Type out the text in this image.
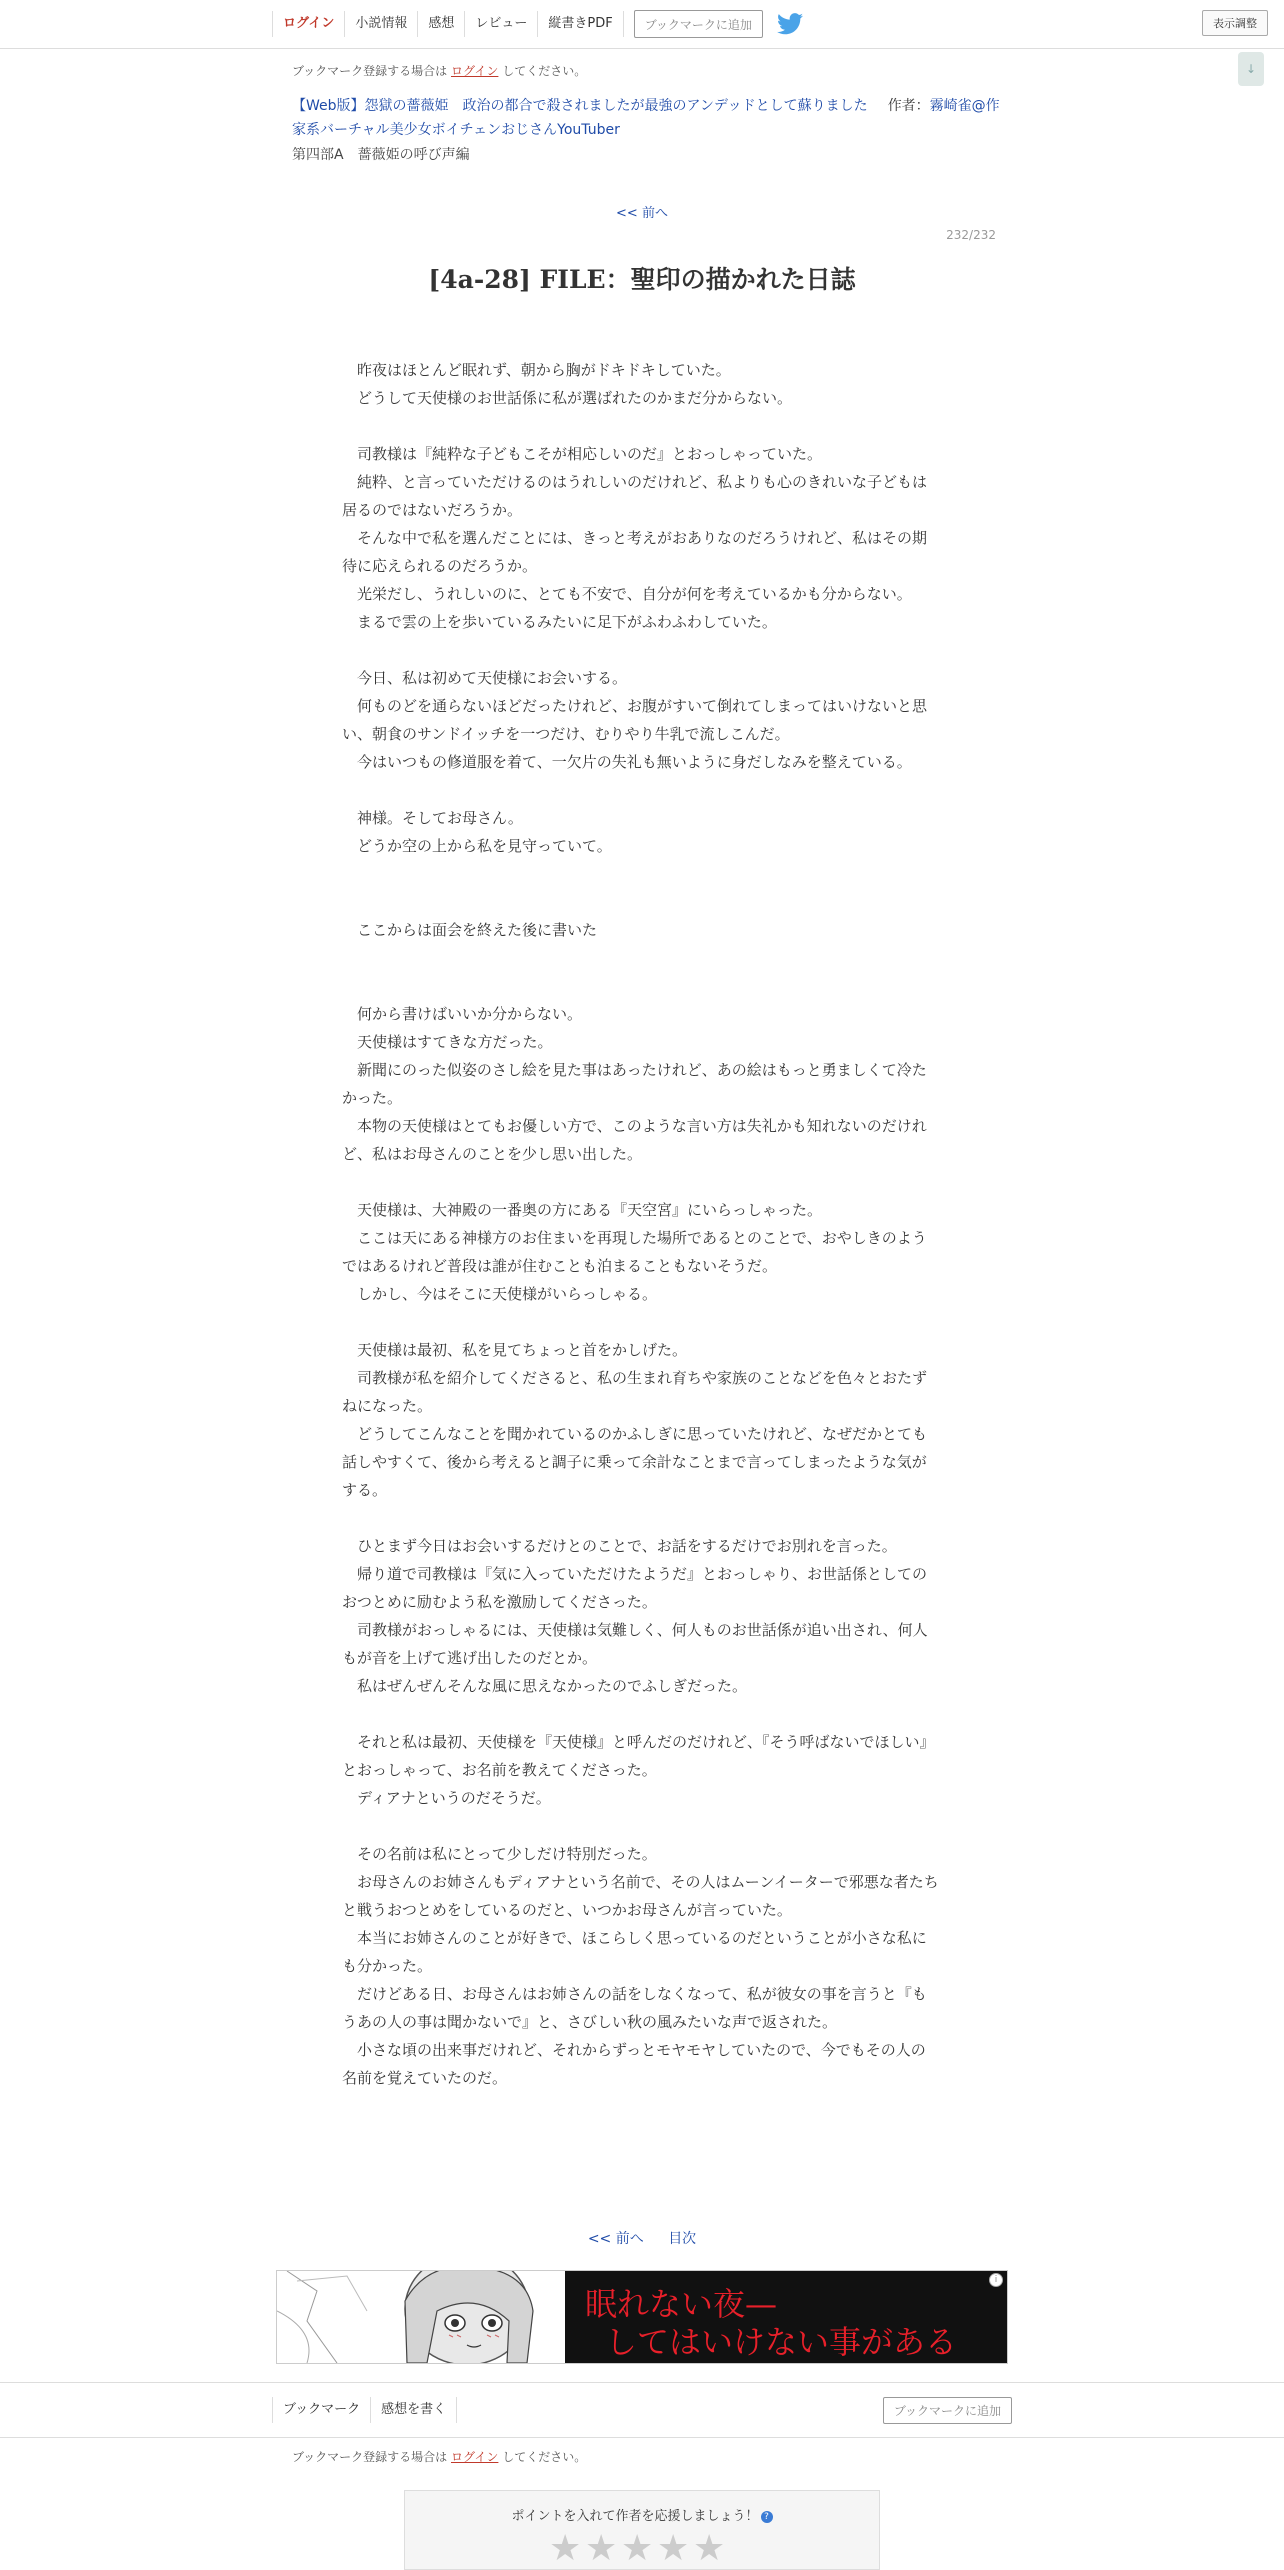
ログイン	小説情報	感想	レビュー	縦書きPDF	ブックマークに追加	表示調整
↓
ブックマーク登録する場合は ログイン してください。
【Web版】怨獄の薔薇姫　政治の都合で殺されましたが最強のアンデッドとして蘇りました 作者：霧崎雀@作家系バーチャル美少女ボイチェンおじさんYouTuber
第四部A　薔薇姫の呼び声編
<< 前へ
232/232
[4a-28] FILE：聖印の描かれた日誌

昨夜はほとんど眠れず、朝から胸がドキドキしていた。

どうして天使様のお世話係に私が選ばれたのかまだ分からない。

司教様は『純粋な子どもこそが相応しいのだ』とおっしゃっていた。

純粋、と言っていただけるのはうれしいのだけれど、私よりも心のきれいな子どもは居るのではないだろうか。

そんな中で私を選んだことには、きっと考えがおありなのだろうけれど、私はその期待に応えられるのだろうか。

光栄だし、うれしいのに、とても不安で、自分が何を考えているかも分からない。

まるで雲の上を歩いているみたいに足下がふわふわしていた。

今日、私は初めて天使様にお会いする。

何ものどを通らないほどだったけれど、お腹がすいて倒れてしまってはいけないと思い、朝食のサンドイッチを一つだけ、むりやり牛乳で流しこんだ。

今はいつもの修道服を着て、一欠片の失礼も無いように身だしなみを整えている。

神様。そしてお母さん。

どうか空の上から私を見守っていて。

ここからは面会を終えた後に書いた

何から書けばいいか分からない。

天使様はすてきな方だった。

新聞にのった似姿のさし絵を見た事はあったけれど、あの絵はもっと勇ましくて冷たかった。

本物の天使様はとてもお優しい方で、このような言い方は失礼かも知れないのだけれど、私はお母さんのことを少し思い出した。

天使様は、大神殿の一番奥の方にある『天空宮』にいらっしゃった。

ここは天にある神様方のお住まいを再現した場所であるとのことで、おやしきのようではあるけれど普段は誰が住むことも泊まることもないそうだ。

しかし、今はそこに天使様がいらっしゃる。

天使様は最初、私を見てちょっと首をかしげた。

司教様が私を紹介してくださると、私の生まれ育ちや家族のことなどを色々とおたずねになった。

どうしてこんなことを聞かれているのかふしぎに思っていたけれど、なぜだかとても話しやすくて、後から考えると調子に乗って余計なことまで言ってしまったような気がする。

ひとまず今日はお会いするだけとのことで、お話をするだけでお別れを言った。

帰り道で司教様は『気に入っていただけたようだ』とおっしゃり、お世話係としてのおつとめに励むよう私を激励してくださった。

司教様がおっしゃるには、天使様は気難しく、何人ものお世話係が追い出され、何人もが音を上げて逃げ出したのだとか。

私はぜんぜんそんな風に思えなかったのでふしぎだった。

それと私は最初、天使様を『天使様』と呼んだのだけれど、『そう呼ばないでほしい』とおっしゃって、お名前を教えてくださった。

ディアナというのだそうだ。

その名前は私にとって少しだけ特別だった。

お母さんのお姉さんもディアナという名前で、その人はムーンイーターで邪悪な者たちと戦うおつとめをしているのだと、いつかお母さんが言っていた。

本当にお姉さんのことが好きで、ほこらしく思っているのだということが小さな私にも分かった。

だけどある日、お母さんはお姉さんの話をしなくなって、私が彼女の事を言うと『もうあの人の事は聞かないで』と、さびしい秋の風みたいな声で返された。

小さな頃の出来事だけれど、それからずっとモヤモヤしていたので、今でもその人の名前を覚えていたのだ。

<< 前へ 目次
眠れない夜—
してはいけない事がある
i
ブックマーク	感想を書く	ブックマークに追加
ブックマーク登録する場合は ログイン してください。
ポイントを入れて作者を応援しましょう！ ?
★ ★ ★ ★ ★
